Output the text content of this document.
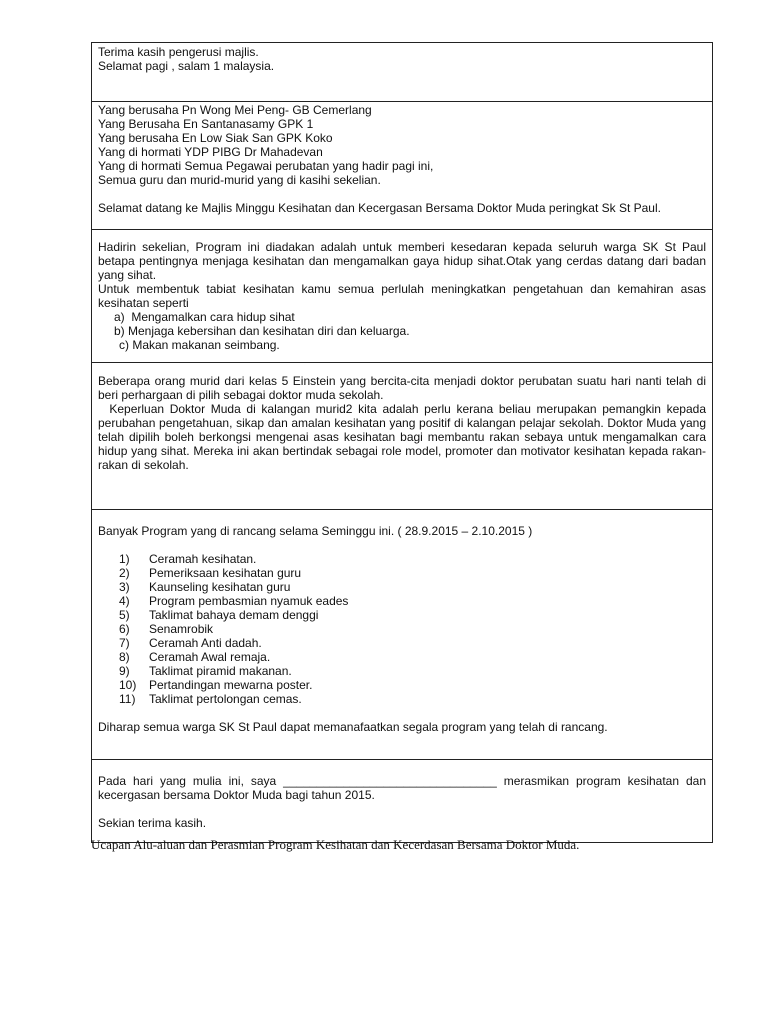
Terima kasih pengerusi majlis.
Selamat pagi , salam 1 malaysia.

Yang berusaha Pn Wong Mei Peng- GB Cemerlang
Yang Berusaha En Santanasamy GPK 1
Yang berusaha En Low Siak San GPK Koko
Yang di hormati YDP PIBG Dr Mahadevan
Yang di hormati Semua Pegawai perubatan yang hadir pagi ini,
Semua guru dan murid-murid yang di kasihi sekelian.
Selamat datang ke Majlis Minggu Kesihatan dan Kecergasan Bersama Doktor Muda peringkat Sk St Paul.

Hadirin sekelian, Program ini diadakan adalah untuk memberi kesedaran kepada seluruh warga SK St Paul betapa pentingnya menjaga kesihatan dan mengamalkan gaya hidup sihat.Otak yang cerdas datang dari badan yang sihat.
Untuk membentuk tabiat kesihatan kamu semua perlulah meningkatkan pengetahuan dan kemahiran asas kesihatan seperti
a)  Mengamalkan cara hidup sihat
b) Menjaga kebersihan dan kesihatan diri dan keluarga.
c) Makan makanan seimbang.

Beberapa orang murid dari kelas 5 Einstein yang bercita-cita menjadi doktor perubatan suatu hari nanti telah di beri perhargaan di pilih sebagai doktor muda sekolah.
Keperluan Doktor Muda di kalangan murid2 kita adalah perlu kerana beliau merupakan pemangkin kepada perubahan pengetahuan, sikap dan amalan kesihatan yang positif di kalangan pelajar sekolah. Doktor Muda yang telah dipilih boleh berkongsi mengenai asas kesihatan bagi membantu rakan sebaya untuk mengamalkan cara hidup yang sihat. Mereka ini akan bertindak sebagai role model, promoter dan motivator kesihatan kepada rakan-rakan di sekolah.

Banyak Program yang di rancang selama Seminggu ini. ( 28.9.2015 – 2.10.2015 )
1)	Ceramah kesihatan.
2)	Pemeriksaan kesihatan guru
3)	Kaunseling kesihatan guru
4)	Program pembasmian nyamuk eades
5)	Taklimat bahaya demam denggi
6)	Senamrobik
7)	Ceramah Anti dadah.
8)	Ceramah Awal remaja.
9)	Taklimat piramid makanan.
10)	Pertandingan mewarna poster.
11)	Taklimat pertolongan cemas.
Diharap semua warga SK St Paul dapat memanafaatkan segala program yang telah di rancang.

Pada hari yang mulia ini, saya ________________________________ merasmikan program kesihatan dan kecergasan bersama Doktor Muda bagi tahun 2015.
Sekian terima kasih.
Ucapan Alu-aluan dan Perasmian Program Kesihatan dan Kecerdasan Bersama Doktor Muda.
